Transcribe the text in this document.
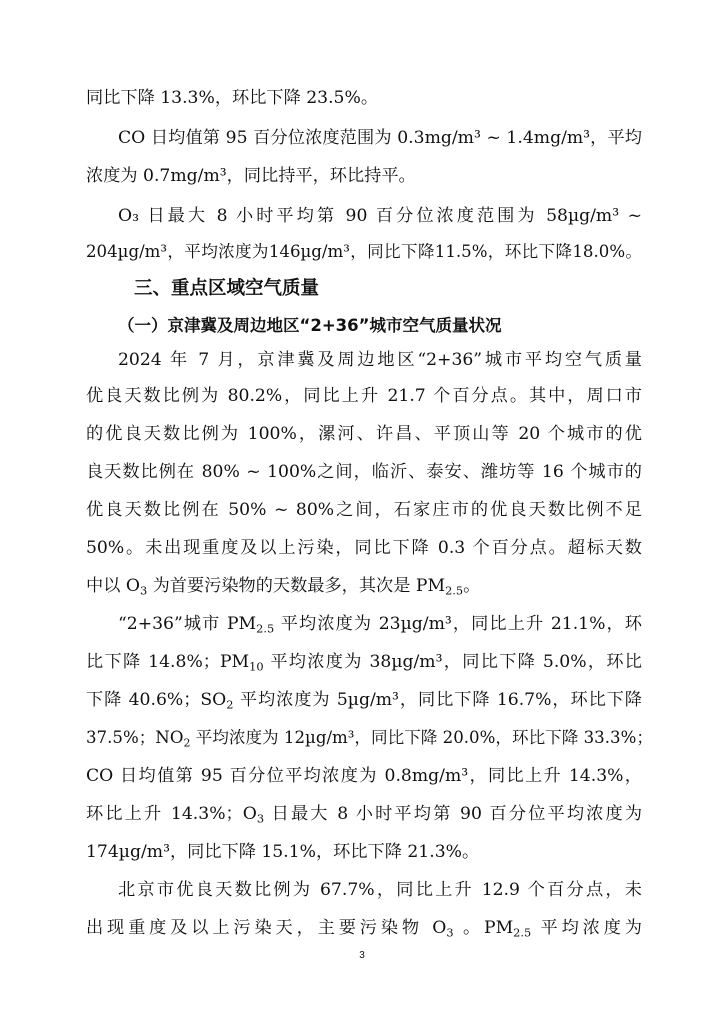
同比下降 13.3%，环比下降 23.5%。
CO 日均值第 95 百分位浓度范围为 0.3mg/m³ ~ 1.4mg/m³，平均
浓度为 0.7mg/m³，同比持平，环比持平。
O₃ 日最大 8 小时平均第 90 百分位浓度范围为 58µg/m³ ~
204µg/m³，平均浓度为146µg/m³，同比下降11.5%，环比下降18.0%。
三、重点区域空气质量
（一）京津冀及周边地区“2+36”城市空气质量状况
2024 年 7 月，京津冀及周边地区“2+36”城市平均空气质量
优良天数比例为 80.2%，同比上升 21.7 个百分点。其中，周口市
的优良天数比例为 100%，漯河、许昌、平顶山等 20 个城市的优
良天数比例在 80% ~ 100%之间，临沂、泰安、潍坊等 16 个城市的
优良天数比例在 50% ~ 80%之间，石家庄市的优良天数比例不足
50%。未出现重度及以上污染，同比下降 0.3 个百分点。超标天数
中以 $O_3$ 为首要污染物的天数最多，其次是 $PM_{2.5}$。
“2+36”城市 $PM_{2.5}$ 平均浓度为 23µg/m³，同比上升 21.1%，环
比下降 14.8%；$PM_{10}$ 平均浓度为 38µg/m³，同比下降 5.0%，环比
下降 40.6%；$SO_2$ 平均浓度为 5µg/m³，同比下降 16.7%，环比下降
37.5%；$NO_2$ 平均浓度为 12µg/m³，同比下降 20.0%，环比下降 33.3%；
CO 日均值第 95 百分位平均浓度为 0.8mg/m³，同比上升 14.3%，
环比上升 14.3%；$O_3$ 日最大 8 小时平均第 90 百分位平均浓度为
174µg/m³，同比下降 15.1%，环比下降 21.3%。
北京市优良天数比例为 67.7%，同比上升 12.9 个百分点，未
出现重度及以上污染天，主要污染物 $O_3$ 。$PM_{2.5}$ 平均浓度为
3
